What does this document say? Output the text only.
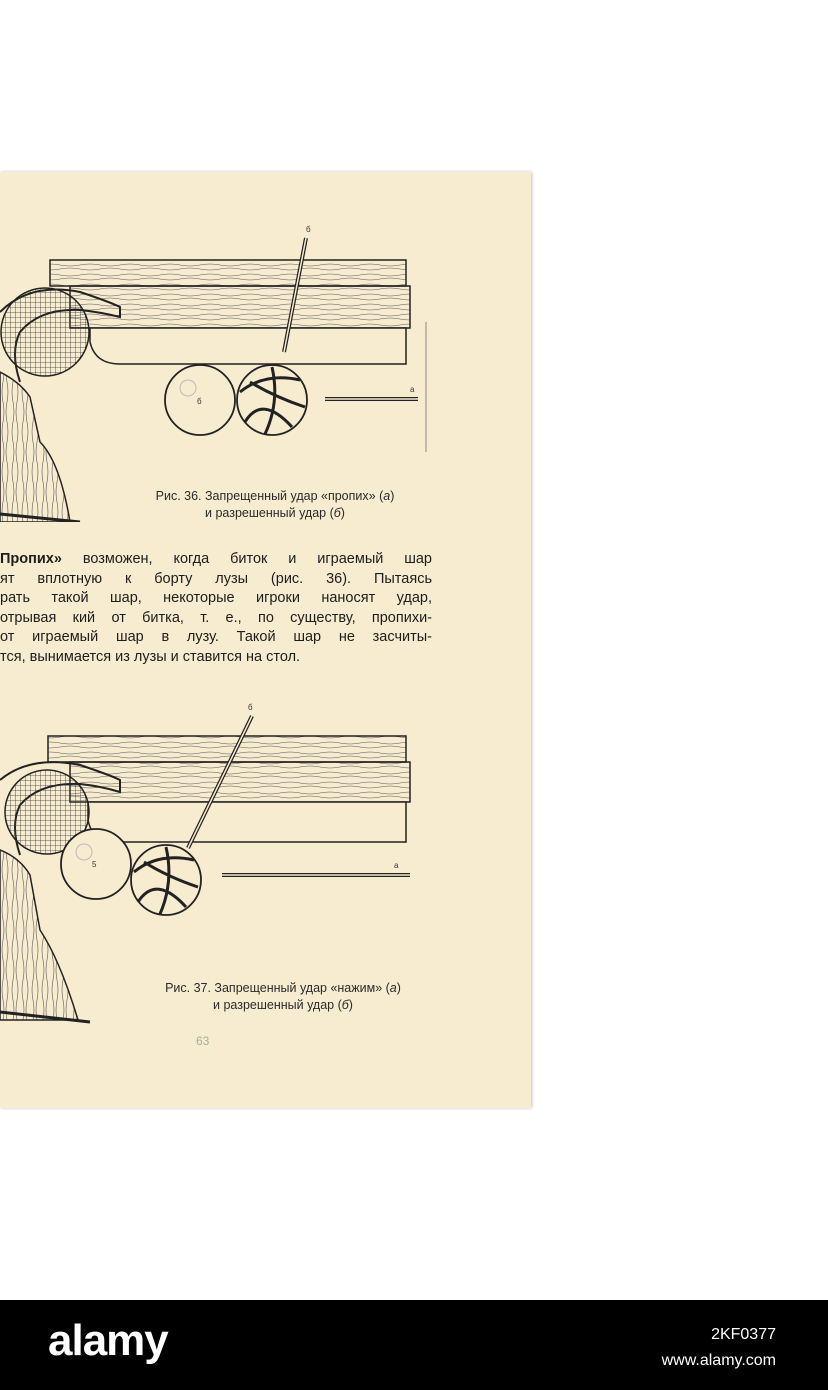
б
б
а
Рис. 36. Запрещенный удар «пропих» (а)
и разрешенный удар (б)

Пропих» возможен, когда биток и играемый шар

ят вплотную к борту лузы (рис. 36). Пытаясь

рать такой шар, некоторые игроки наносят удар,

отрывая кий от битка, т. е., по существу, пропихи-

от играемый шар в лузу. Такой шар не засчиты-

тся, вынимается из лузы и ставится на стол.

б
5	а
Рис. 37. Запрещенный удар «нажим» (а)
и разрешенный удар (б)
63
alamy	2KF0377
www.alamy.com
